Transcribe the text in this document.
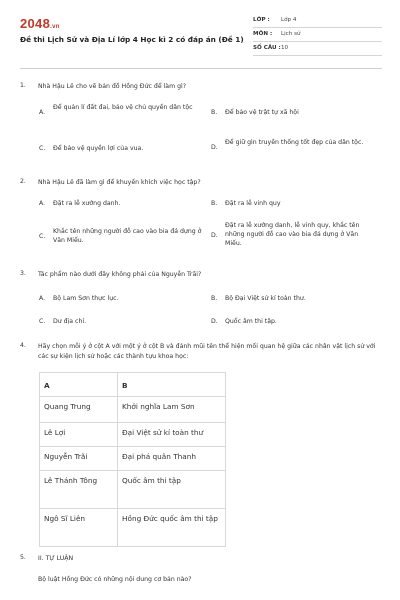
2048.vn
Đề thi Lịch Sử và Địa Lí lớp 4 Học kì 2 có đáp án (Đề 1)
LỚP :	Lớp 4
MÔN :	Lịch sử
SỐ CÂU : 10
1. Nhà Hậu Lê cho vẽ bản đồ Hồng Đức để làm gì?
A.
Để quản lí đất đai, bảo vệ chủ quyền dân tộc
B. Để bảo vệ trật tự xã hội
C. Để bảo vệ quyền lợi của vua.	D.
Để giữ gìn truyền thống tốt đẹp của dân tộc.
2. Nhà Hậu Lê đã làm gì để khuyến khích việc học tập?
A. Đặt ra lễ xướng danh.	B. Đặt ra lễ vinh quy
C.
Khắc tên những người đỗ cao vào bia đá dựng ở Văn Miếu.
D.
Đặt ra lễ xướng danh, lễ vinh quy, khắc tên những người đỗ cao vào bia đá dựng ở Văn Miếu.
3. Tác phẩm nào dưới đây không phải của Nguyễn Trãi?
A. Bộ Lam Sơn thực lục.	B. Bộ Đại Việt sử kí toàn thư.
C. Dư địa chí.	D. Quốc âm thi tập.
4. Hãy chọn mỗi ý ở cột A với một ý ở cột B và đánh mũi tên thể hiện mối quan hệ giữa các nhân vật lịch sử với các sự kiện lịch sử hoặc các thành tựu khoa học:
A	B
Quang Trung	Khởi nghĩa Lam Sơn
Lê Lợi	Đại Việt sử kí toàn thư
Nguyễn Trãi	Đại phá quân Thanh
Lê Thánh Tông	Quốc âm thi tập
Ngô Sĩ Liên	Hồng Đức quốc âm thi tập
5. II. TỰ LUẬN
Bộ luật Hồng Đức có những nội dung cơ bản nào?
